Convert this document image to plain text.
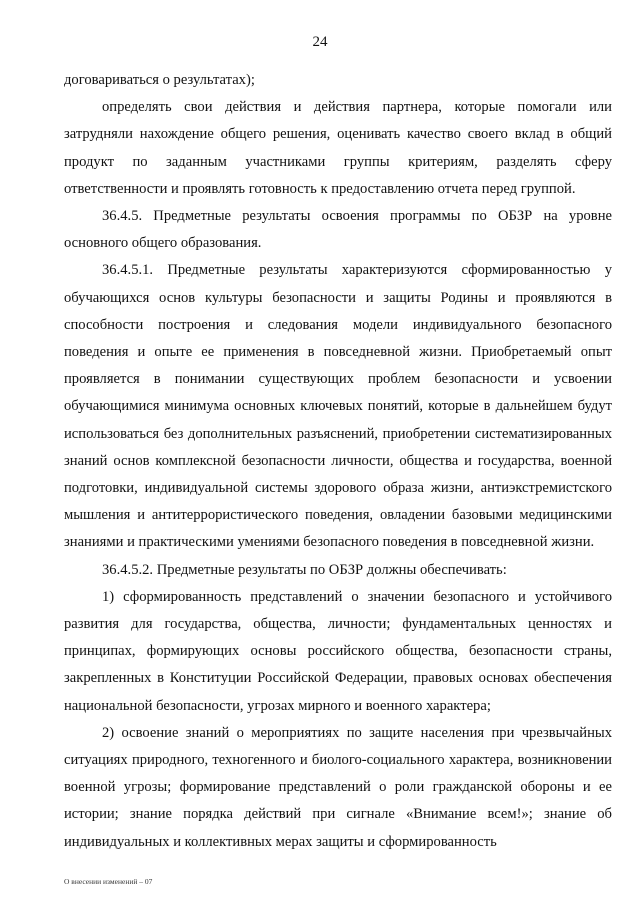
24

договариваться о результатах);

определять свои действия и действия партнера, которые помогали или затрудняли нахождение общего решения, оценивать качество своего вклад в общий продукт по заданным участниками группы критериям, разделять сферу ответственности и проявлять готовность к предоставлению отчета перед группой.

36.4.5. Предметные результаты освоения программы по ОБЗР на уровне основного общего образования.

36.4.5.1. Предметные результаты характеризуются сформированностью у обучающихся основ культуры безопасности и защиты Родины и проявляются в способности построения и следования модели индивидуального безопасного поведения и опыте ее применения в повседневной жизни. Приобретаемый опыт проявляется в понимании существующих проблем безопасности и усвоении обучающимися минимума основных ключевых понятий, которые в дальнейшем будут использоваться без дополнительных разъяснений, приобретении систематизированных знаний основ комплексной безопасности личности, общества и государства, военной подготовки, индивидуальной системы здорового образа жизни, антиэкстремистского мышления и антитеррористического поведения, овладении базовыми медицинскими знаниями и практическими умениями безопасного поведения в повседневной жизни.

36.4.5.2. Предметные результаты по ОБЗР должны обеспечивать:

1) сформированность представлений о значении безопасного и устойчивого развития для государства, общества, личности; фундаментальных ценностях и принципах, формирующих основы российского общества, безопасности страны, закрепленных в Конституции Российской Федерации, правовых основах обеспечения национальной безопасности, угрозах мирного и военного характера;

2) освоение знаний о мероприятиях по защите населения при чрезвычайных ситуациях природного, техногенного и биолого-социального характера, возникновении военной угрозы; формирование представлений о роли гражданской обороны и ее истории; знание порядка действий при сигнале «Внимание всем!»; знание об индивидуальных и коллективных мерах защиты и сформированность

О внесении изменений – 07
